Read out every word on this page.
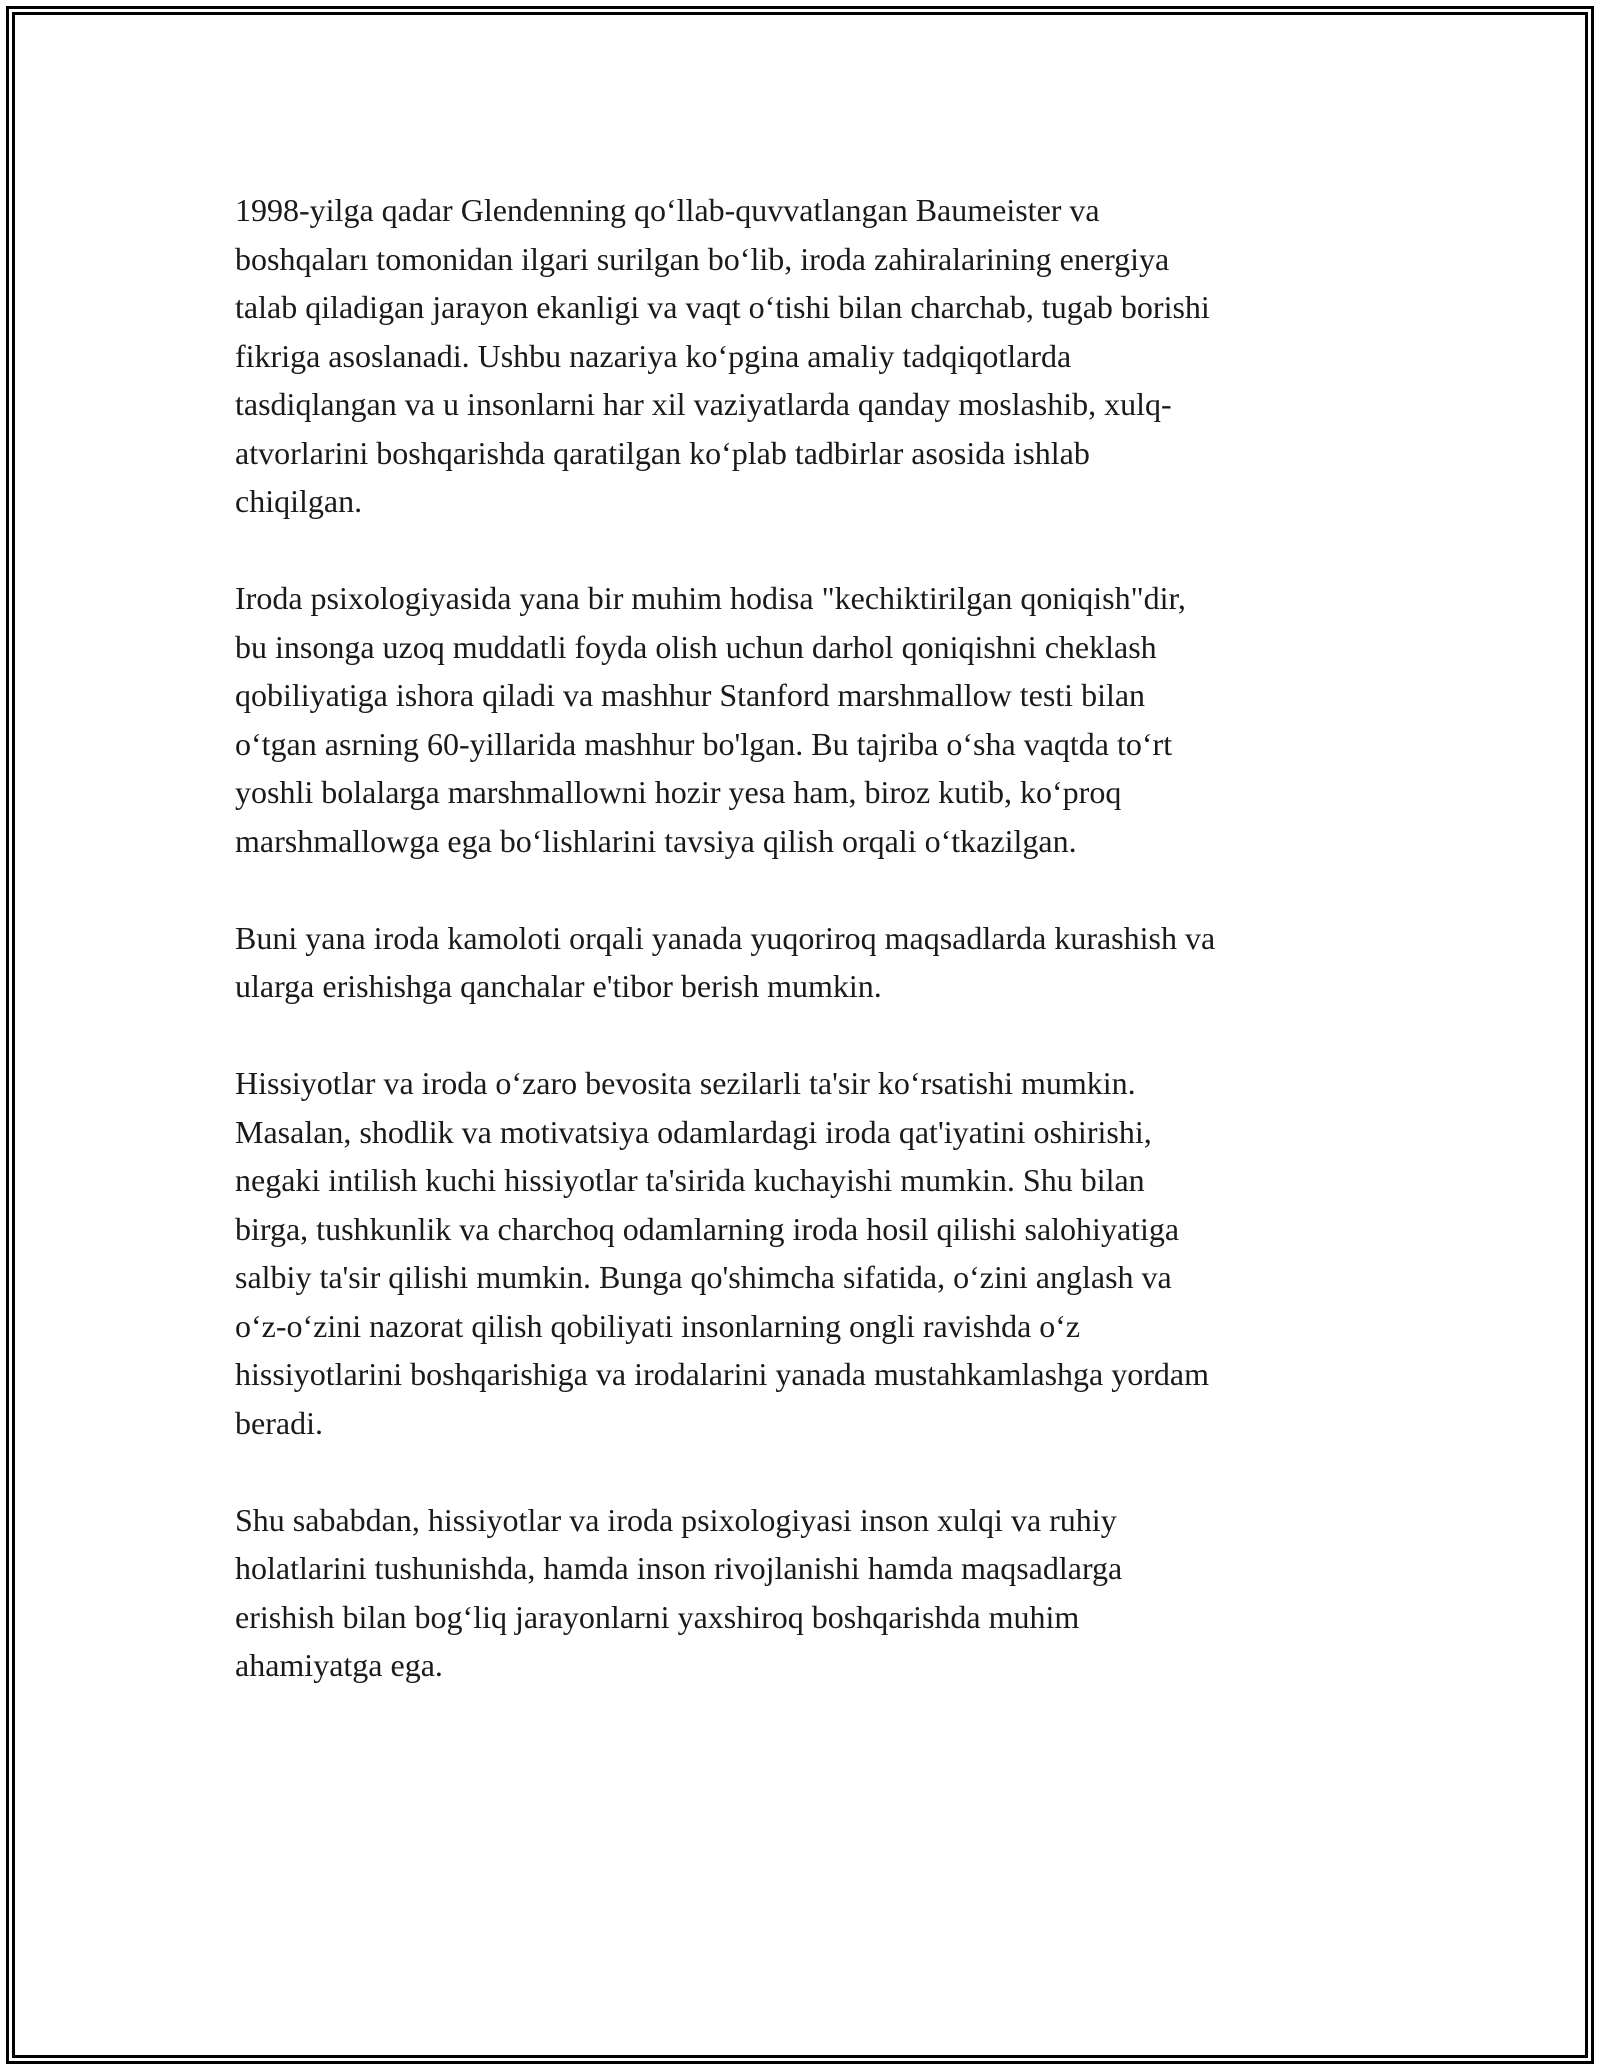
1998-yilga qadar Glendenning qoʻllab-quvvatlangan Baumeister va
boshqaları tomonidan ilgari surilgan boʻlib, iroda zahiralarining energiya
talab qiladigan jarayon ekanligi va vaqt oʻtishi bilan charchab, tugab borishi
fikriga asoslanadi. Ushbu nazariya koʻpgina amaliy tadqiqotlarda
tasdiqlangan va u insonlarni har xil vaziyatlarda qanday moslashib, xulq-
atvorlarini boshqarishda qaratilgan koʻplab tadbirlar asosida ishlab
chiqilgan.

Iroda psixologiyasida yana bir muhim hodisa "kechiktirilgan qoniqish"dir,
bu insonga uzoq muddatli foyda olish uchun darhol qoniqishni cheklash
qobiliyatiga ishora qiladi va mashhur Stanford marshmallow testi bilan
oʻtgan asrning 60-yillarida mashhur bo'lgan. Bu tajriba oʻsha vaqtda toʻrt
yoshli bolalarga marshmallowni hozir yesa ham, biroz kutib, koʻproq
marshmallowga ega boʻlishlarini tavsiya qilish orqali oʻtkazilgan.

Buni yana iroda kamoloti orqali yanada yuqoriroq maqsadlarda kurashish va
ularga erishishga qanchalar e'tibor berish mumkin.

Hissiyotlar va iroda oʻzaro bevosita sezilarli ta'sir koʻrsatishi mumkin.
Masalan, shodlik va motivatsiya odamlardagi iroda qat'iyatini oshirishi,
negaki intilish kuchi hissiyotlar ta'sirida kuchayishi mumkin. Shu bilan
birga, tushkunlik va charchoq odamlarning iroda hosil qilishi salohiyatiga
salbiy ta'sir qilishi mumkin. Bunga qo'shimcha sifatida, oʻzini anglash va
oʻz-oʻzini nazorat qilish qobiliyati insonlarning ongli ravishda oʻz
hissiyotlarini boshqarishiga va irodalarini yanada mustahkamlashga yordam
beradi.

Shu sababdan, hissiyotlar va iroda psixologiyasi inson xulqi va ruhiy
holatlarini tushunishda, hamda inson rivojlanishi hamda maqsadlarga
erishish bilan bogʻliq jarayonlarni yaxshiroq boshqarishda muhim
ahamiyatga ega.
